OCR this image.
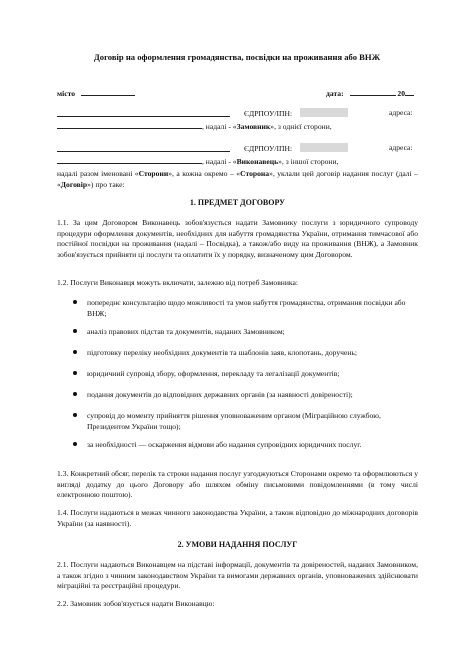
Договір на оформлення громадянства, посвідки на проживання або ВНЖ
місто	дата:	20
ЄДРПОУ/ІПН:	адреса:
, надалі - «Замовник», з однієї сторони,
ЄДРПОУ/ІПН:	адреса:
, надалі - «Виконавець», з іншої сторони,
надалі разом іменовані «Сторони», а кожна окремо – «Сторона», уклали цей договір надання послуг (далі – «Договір») про таке:
1. ПРЕДМЕТ ДОГОВОРУ
1.1. За цим Договором Виконавець зобов'язується надати Замовнику послуги з юридичного супроводу процедури оформлення документів, необхідних для набуття громадянства України, отримання тимчасової або постійної посвідки на проживання (надалі – Посвідка), а також/або виду на проживання (ВНЖ), а Замовник зобов'язується прийняти ці послуги та оплатити їх у порядку, визначеному цим Договором.
1.2. Послуги Виконавця можуть включати, залежно від потреб Замовника:
попереднє консультацію щодо можливості та умов набуття громадянства, отримання посвідки або ВНЖ;
аналіз правових підстав та документів, наданих Замовником;
підготовку переліку необхідних документів та шаблонів заяв, клопотань, доручень;
юридичний супровід збору, оформлення, перекладу та легалізації документів;
подання документів до відповідних державних органів (за наявності довіреності);
супровід до моменту прийняття рішення уповноваженим органом (Міграційною службою, Президентом України тощо);
за необхідності — оскарження відмови або надання супровідних юридичних послуг.
1.3. Конкретний обсяг, перелік та строки надання послуг узгоджуються Сторонами окремо та оформлюються у вигляді додатку до цього Договору або шляхом обміну письмовими повідомленнями (в тому числі електронною поштою).
1.4. Послуги надаються в межах чинного законодавства України, а також відповідно до міжнародних договорів України (за наявності).
2. УМОВИ НАДАННЯ ПОСЛУГ
2.1. Послуги надаються Виконавцем на підставі інформації, документів та довіреностей, наданих Замовником, а також згідно з чинним законодавством України та вимогами державних органів, уповноважених здійснювати міграційні та реєстраційні процедури.
2.2. Замовник зобов'язується надати Виконавцю:
